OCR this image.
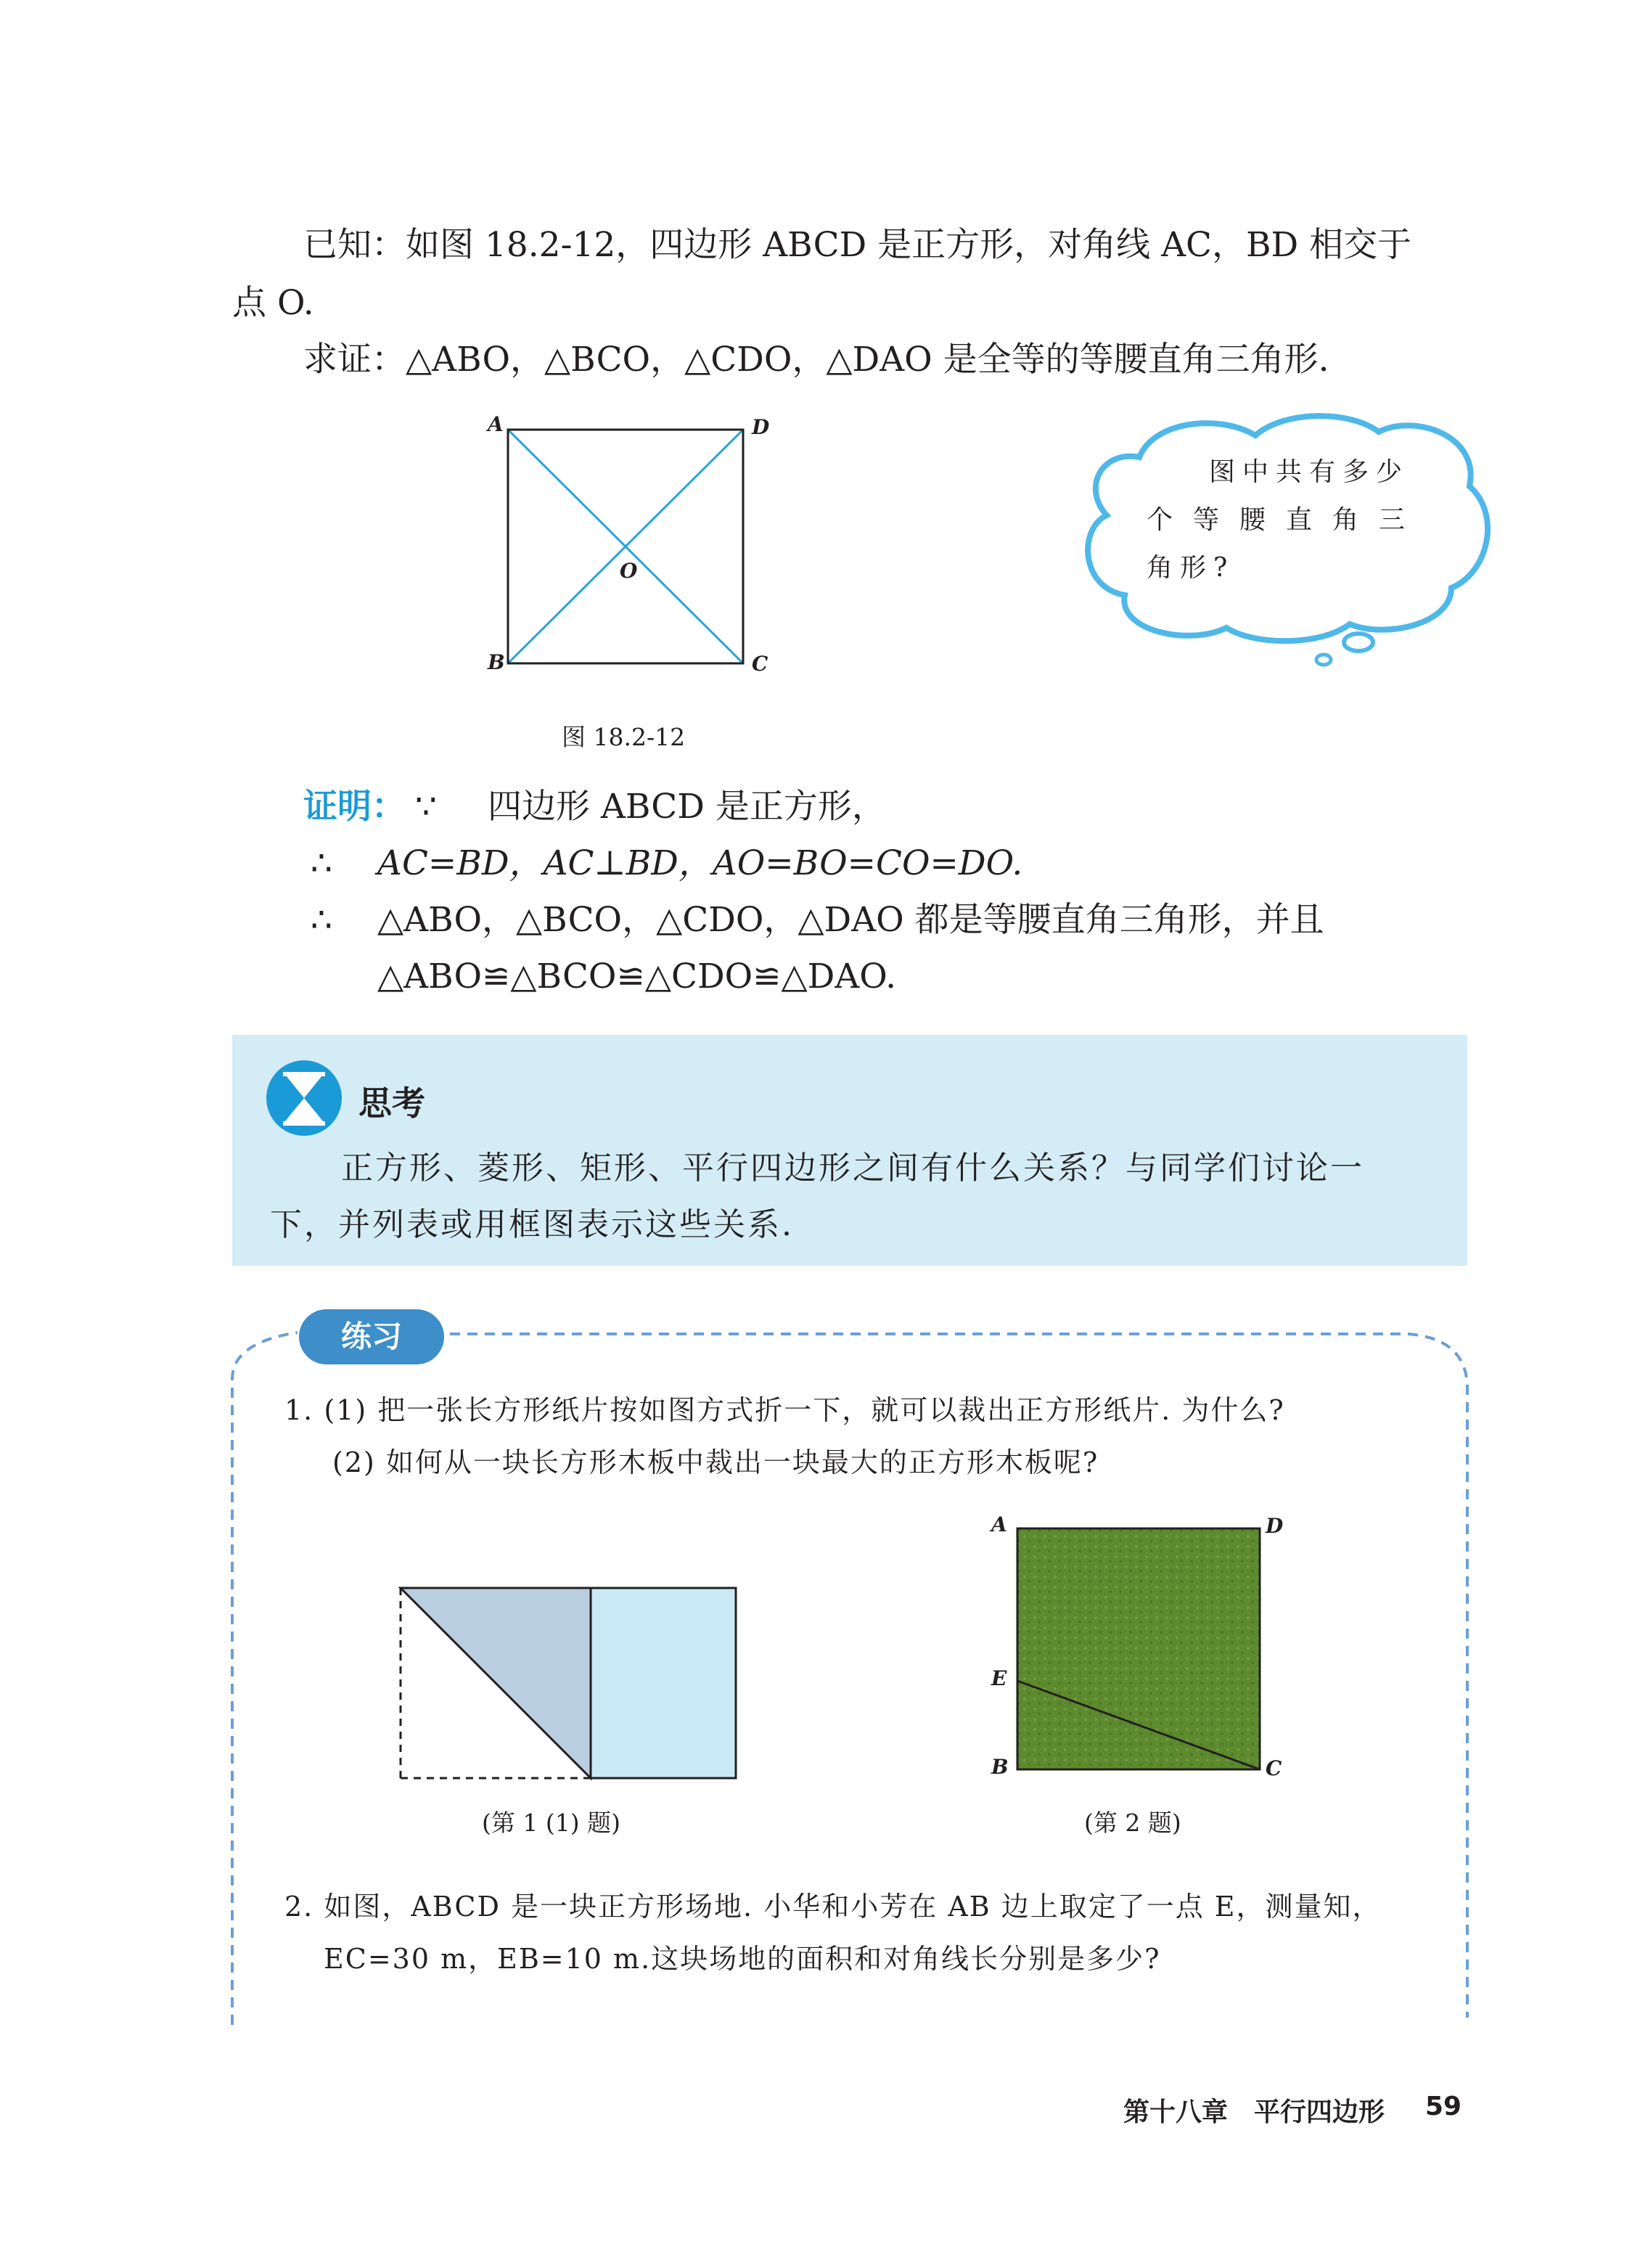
已知：如图 18.2-12，四边形 ABCD 是正方形，对角线 AC，BD 相交于
点 O.
求证：△ABO，△BCO，△CDO，△DAO 是全等的等腰直角三角形.
A	D
B	C
O
图 18.2-12
图中共有多少
个等腰直角三
角形?
证明： ∵ 四边形 ABCD 是正方形，
∴ AC=BD，AC⊥BD，AO=BO=CO=DO.
∴ △ABO，△BCO，△CDO，△DAO 都是等腰直角三角形，并且
△ABO≌△BCO≌△CDO≌△DAO.
思考
正方形、菱形、矩形、平行四边形之间有什么关系？与同学们讨论一
下，并列表或用框图表示这些关系.
练习
1. (1) 把一张长方形纸片按如图方式折一下，就可以裁出正方形纸片. 为什么?
(2) 如何从一块长方形木板中裁出一块最大的正方形木板呢?
(第 1 (1) 题)
A	D
E
B	C
(第 2 题)
2. 如图，ABCD 是一块正方形场地. 小华和小芳在 AB 边上取定了一点 E，测量知，
EC=30 m，EB=10 m.这块场地的面积和对角线长分别是多少?
第十八章　平行四边形 59
